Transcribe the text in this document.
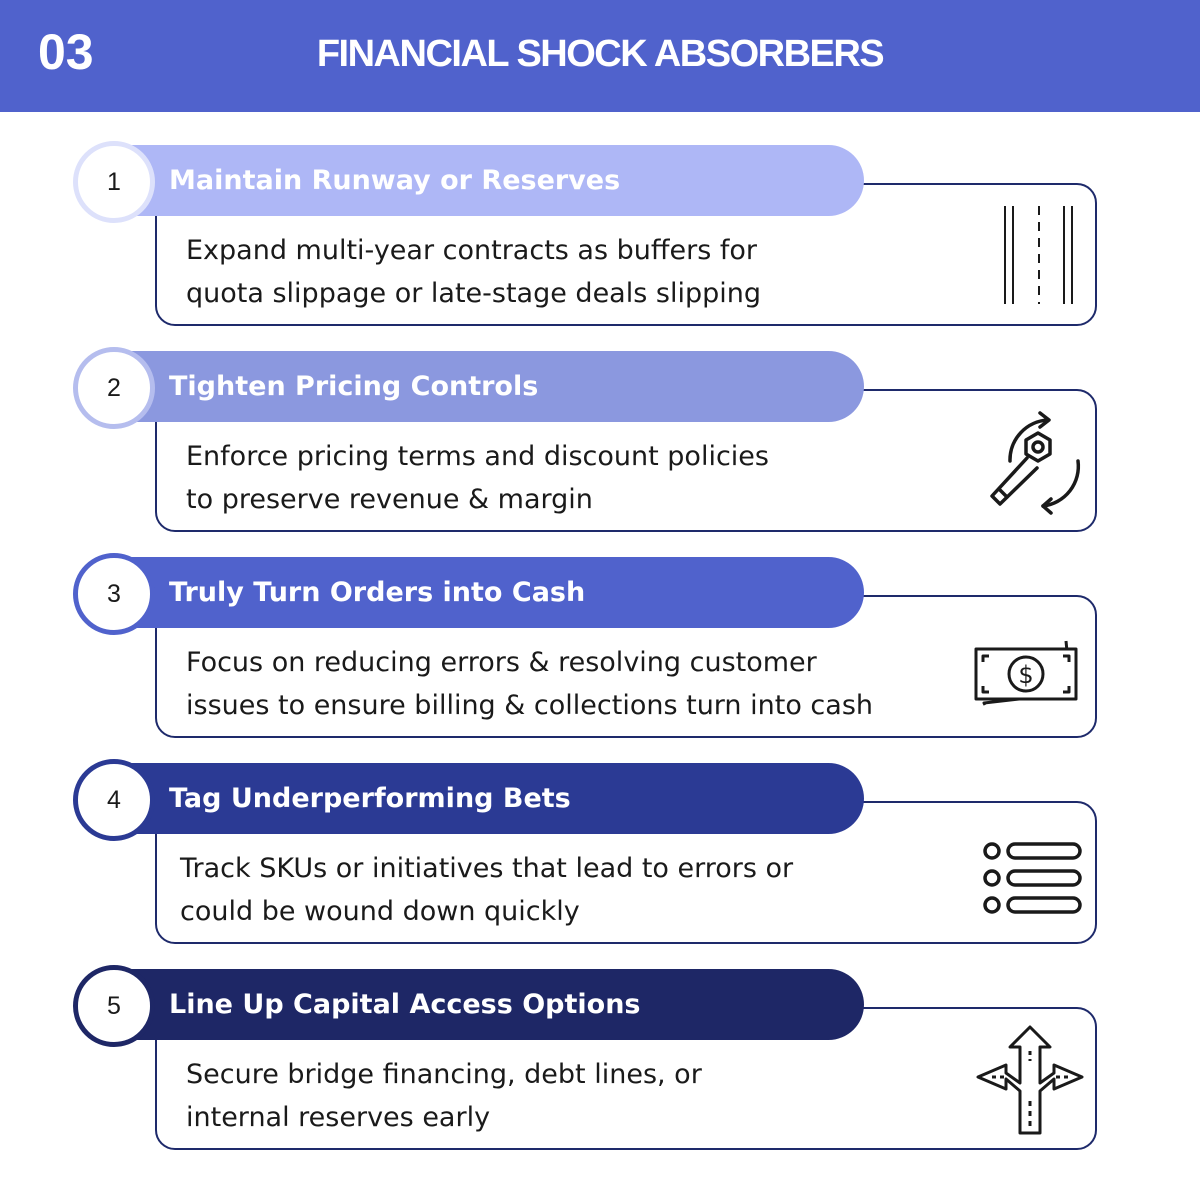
03	FINANCIAL SHOCK ABSORBERS
Maintain Runway or Reserves
1
Expand multi-year contracts as buffers for
quota slippage or late-stage deals slipping
Tighten Pricing Controls
2
Enforce pricing terms and discount policies
to preserve revenue & margin
Truly Turn Orders into Cash
3
Focus on reducing errors & resolving customer
issues to ensure billing & collections turn into cash
$
Tag Underperforming Bets
4
Track SKUs or initiatives that lead to errors or
could be wound down quickly
Line Up Capital Access Options
5
Secure bridge financing, debt lines, or
internal reserves early
